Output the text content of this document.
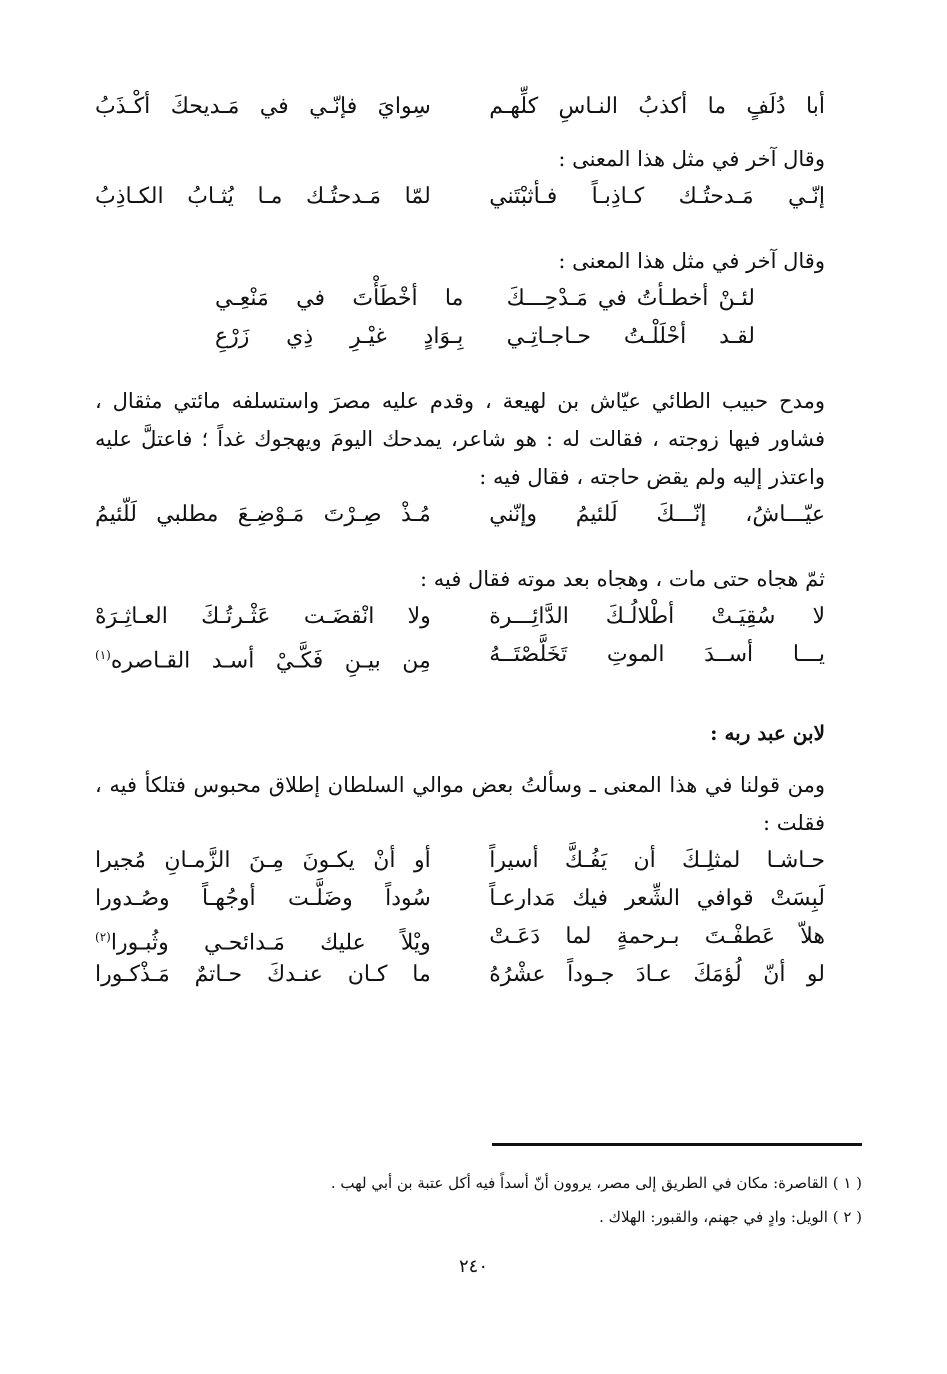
أبا دُلَفٍ ما أكذبُ النـاسِ كلِّهـم
سِوايَ فإنّـي في مَـديحكَ أكْـذَبُ

وقال آخر في مثل هذا المعنى :

إنّـي مَـدحتُـك كـاذِبـاً فـأثبْتَني
لمّا مَـدحتُـك مـا يُثـابُ الكـاذِبُ

وقال آخر في مثل هذا المعنى :

لئـنْ أخطـأتُ في مَـدْحِـــكَ
ما أخْطَأْتَ في مَنْعِـي
لقـد أحْلَلْـتُ حـاجـاتِـي
بِـوَادٍ غيْـرِ ذِي زَرْعِ

ومدح حبيب الطائي عيّاش بن لهيعة ، وقدم عليه مصرَ واستسلفه مائتي مثقال ، فشاور فيها زوجته ، فقالت له : هو شاعر، يمدحك اليومَ ويهجوك غداً ؛ فاعتلَّ عليه واعتذر إليه ولم يقض حاجته ، فقال فيه :

عيّـــاشُ، إنّـــكَ لَلئيمُ وإنّني
مُـذْ صِـرْتَ مَـوْضِـعَ مطلبي لَلّئيمُ

ثمّ هجاه حتى مات ، وهجاه بعد موته فقال فيه :

لا سُقِيَـتْ أطْلالُـكَ الدَّائِـــرة
ولا انْقضَـت عَثْـرتُـكَ العـاثِـرَهْ
يـــا أســدَ الموتِ تَخَلَّصْتَــهُ
مِن بيـنِ فَكَّـيْ أسـد القـاصره$^{(١)}$

لابن عبد ربه :

ومن قولنا في هذا المعنى ـ وسألتُ بعض موالي السلطان إطلاق محبوس فتلكأ فيه ، فقلت :

حـاشـا لمثلِـكَ أن يَفُـكَّ أسيراً
أو أنْ يكـونَ مِـنَ الزَّمـانِ مُجيرا
لَبِسَتْ قوافي الشِّعر فيك مَدارعـاً
سُوداً وضَلَّـت أوجُهـاً وصُـدورا
هلاّ عَطفْـتَ بـرحمةٍ لما دَعَـتْ
ويْلاً عليك مَـدائحـي وثُبـورا$^{(٢)}$
لو أنّ لُؤمَكَ عـادَ جـوداً عشْرُهُ
ما كـان عنـدكَ حـاتمٌ مَـذْكـورا

( ١ ) القاصرة: مكان في الطريق إلى مصر، يروون أنّ أسداً فيه أكل عتبة بن أبي لهب .

( ٢ ) الويل: وادٍ في جهنم، والقبور: الهلاك .

٢٤٠
